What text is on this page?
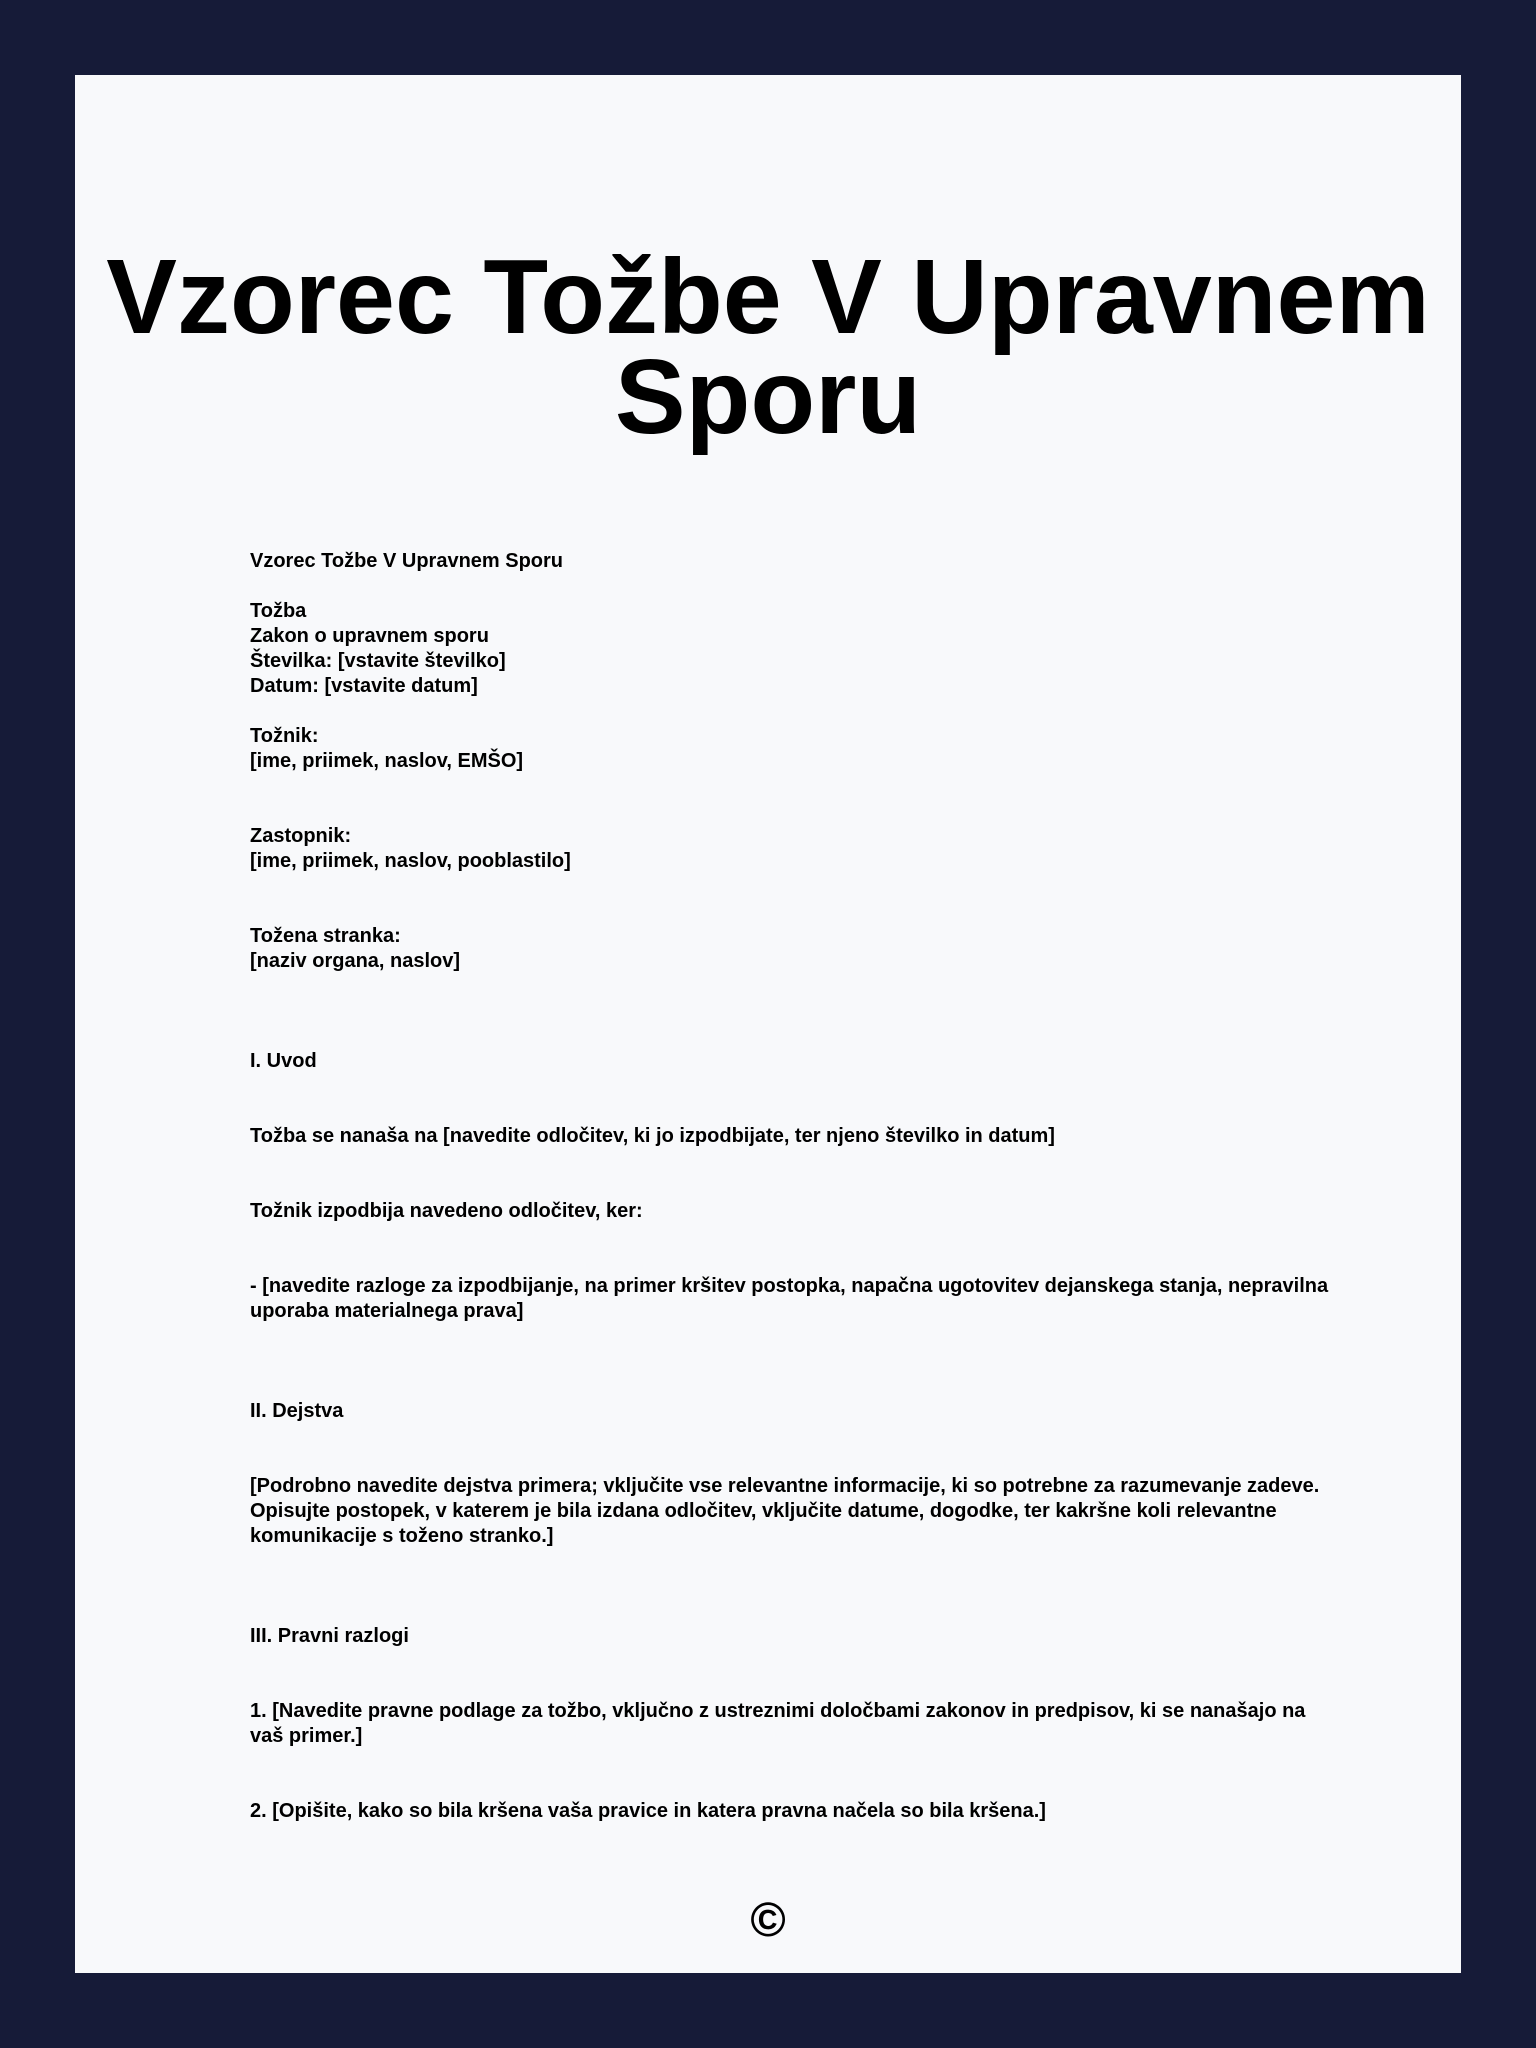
Vzorec Tožbe V Upravnem Sporu
Vzorec Tožbe V Upravnem Sporu

Tožba
Zakon o upravnem sporu
Številka: [vstavite številko]
Datum: [vstavite datum]

Tožnik:
[ime, priimek, naslov, EMŠO]

Zastopnik:
[ime, priimek, naslov, pooblastilo]

Tožena stranka:
[naziv organa, naslov]

I. Uvod

Tožba se nanaša na [navedite odločitev, ki jo izpodbijate, ter njeno številko in datum]

Tožnik izpodbija navedeno odločitev, ker:

- [navedite razloge za izpodbijanje, na primer kršitev postopka, napačna ugotovitev dejanskega stanja, nepravilna uporaba materialnega prava]

II. Dejstva

[Podrobno navedite dejstva primera; vključite vse relevantne informacije, ki so potrebne za razumevanje zadeve. Opisujte postopek, v katerem je bila izdana odločitev, vključite datume, dogodke, ter kakršne koli relevantne komunikacije s toženo stranko.]

III. Pravni razlogi

1. [Navedite pravne podlage za tožbo, vključno z ustreznimi določbami zakonov in predpisov, ki se nanašajo na vaš primer.]

2. [Opišite, kako so bila kršena vaša pravice in katera pravna načela so bila kršena.]
©
